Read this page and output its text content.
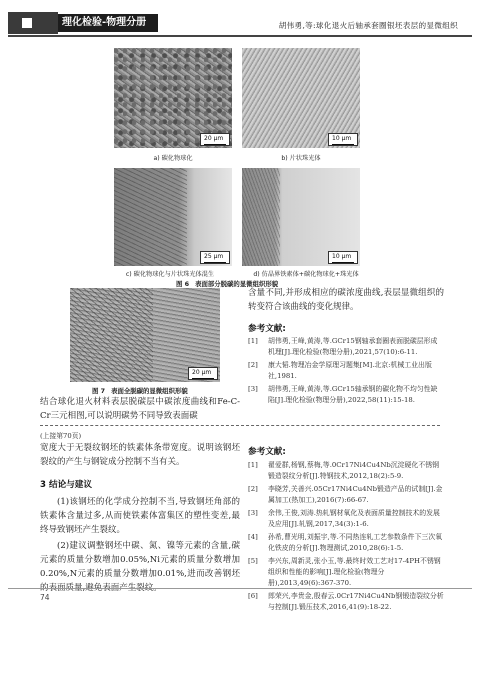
理化检验-物理分册	胡伟勇,等:球化退火后轴承套圈银坯表层的显微组织
20 μm	10 μm
a) 碳化物球化	b) 片状珠光体
25 μm	10 μm
c) 碳化物球化与片状珠光体混生	d) 仿晶界铁素体+碳化物球化+珠光体
图 6 表面部分脱碳的显微组织形貌
20 μm
图 7 表面全脱碳的显微组织形貌
结合球化退火材料表层脱碳层中碳浓度曲线和Fe-C-Cr三元相图,可以说明碳势不同导致表面碳
含量不同,并形成相应的碳浓度曲线,表层显微组织的转变符合该曲线的变化规律。
参考文献:
[1]	胡伟勇,王峰,黄涛,等.GCr15钢轴承套圈表面脱碳层形成机理[J].理化检验(物理分册),2021,57(10):6-11.
[2]	康大韬.物理冶金学原理习题集[M].北京:机械工业出版社,1981.
[3]	胡伟勇,王峰,黄涛,等.GCr15轴承钢的碳化物不均匀性缺陷[J].理化检验(物理分册),2022,58(11):15-18.
(上接第70页)
宽度大于无裂纹钢坯的铁素体条带宽度。说明该钢坯裂纹的产生与钢锭成分控制不当有关。
3 结论与建议
(1)该钢坯的化学成分控制不当,导致钢坯角部的铁素体含量过多,从而使铁素体富集区的塑性变差,最终导致钢坯产生裂纹。
(2)建议调整钢坯中碳、氮、镍等元素的含量,碳元素的质量分数增加0.05%,Ni元素的质量分数增加0.20%,N元素的质量分数增加0.01%,进而改善钢坯的表面质量,避免表面产生裂纹。
参考文献:
[1]	翟爱群,杨钢,蔡梅,等.0Cr17Ni4Cu4Nb沉淀硬化不锈钢锻造裂纹分析[J].特钢技术,2012,18(2):5-9.
[2]	李晓芳,关善兴.05Cr17Ni4Cu4Nb锻造产品的试制[J].金属加工(热加工),2016(7):66-67.
[3]	余伟,王俊,刘涛.热轧钢材氧化及表面质量控制技术的发展及应用[J].轧钢,2017,34(3):1-6.
[4]	孙希,曹光明,刘振宇,等.不同热连轧工艺参数条件下三次氧化铁皮的分析[J].物理测试,2010,28(6):1-5.
[5]	李兴东,周新灵,张小玉,等.最终时效工艺对17-4PH不锈钢组织和性能的影响[J].理化检验(物理分册),2013,49(6):367-370.
[6]	郎荣兴,李贵金,殷春云.0Cr17Ni4Cu4Nb钢锻造裂纹分析与控制[J].锻压技术,2016,41(9):18-22.
74
